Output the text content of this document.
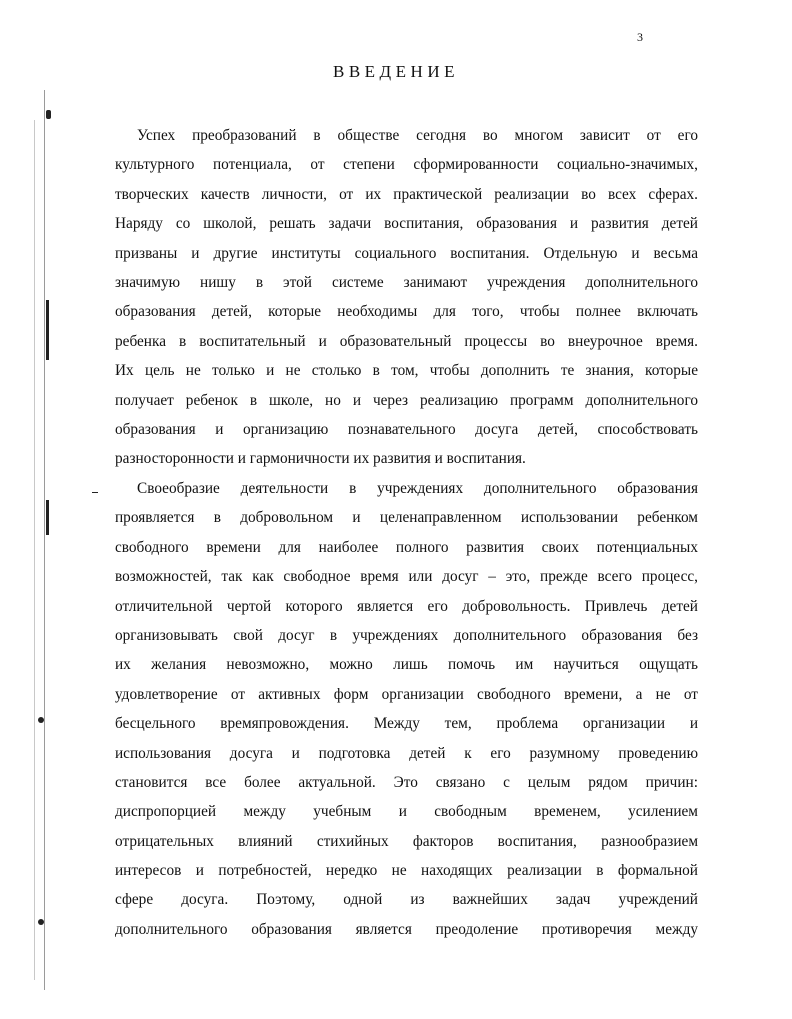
3
ВВЕДЕНИЕ
Успех преобразований в обществе сегодня во многом зависит от его
культурного потенциала, от степени сформированности социально-значимых,
творческих качеств личности, от их практической реализации во всех сферах.
Наряду со школой, решать задачи воспитания, образования и развития детей
призваны и другие институты социального воспитания. Отдельную и весьма
значимую нишу в этой системе занимают учреждения дополнительного
образования детей, которые необходимы для того, чтобы полнее включать
ребенка в воспитательный и образовательный процессы во внеурочное время.
Их цель не только и не столько в том, чтобы дополнить те знания, которые
получает ребенок в школе, но и через реализацию программ дополнительного
образования и организацию познавательного досуга детей, способствовать
разносторонности и гармоничности их развития и воспитания.
Своеобразие деятельности в учреждениях дополнительного образования
проявляется в добровольном и целенаправленном использовании ребенком
свободного времени для наиболее полного развития своих потенциальных
возможностей, так как свободное время или досуг – это, прежде всего процесс,
отличительной чертой которого является его добровольность. Привлечь детей
организовывать свой досуг в учреждениях дополнительного образования без
их желания невозможно, можно лишь помочь им научиться ощущать
удовлетворение от активных форм организации свободного времени, а не от
бесцельного времяпровождения. Между тем, проблема организации и
использования досуга и подготовка детей к его разумному проведению
становится все более актуальной. Это связано с целым рядом причин:
диспропорцией между учебным и свободным временем, усилением
отрицательных влияний стихийных факторов воспитания, разнообразием
интересов и потребностей, нередко не находящих реализации в формальной
сфере досуга. Поэтому, одной из важнейших задач учреждений
дополнительного образования является преодоление противоречия между
